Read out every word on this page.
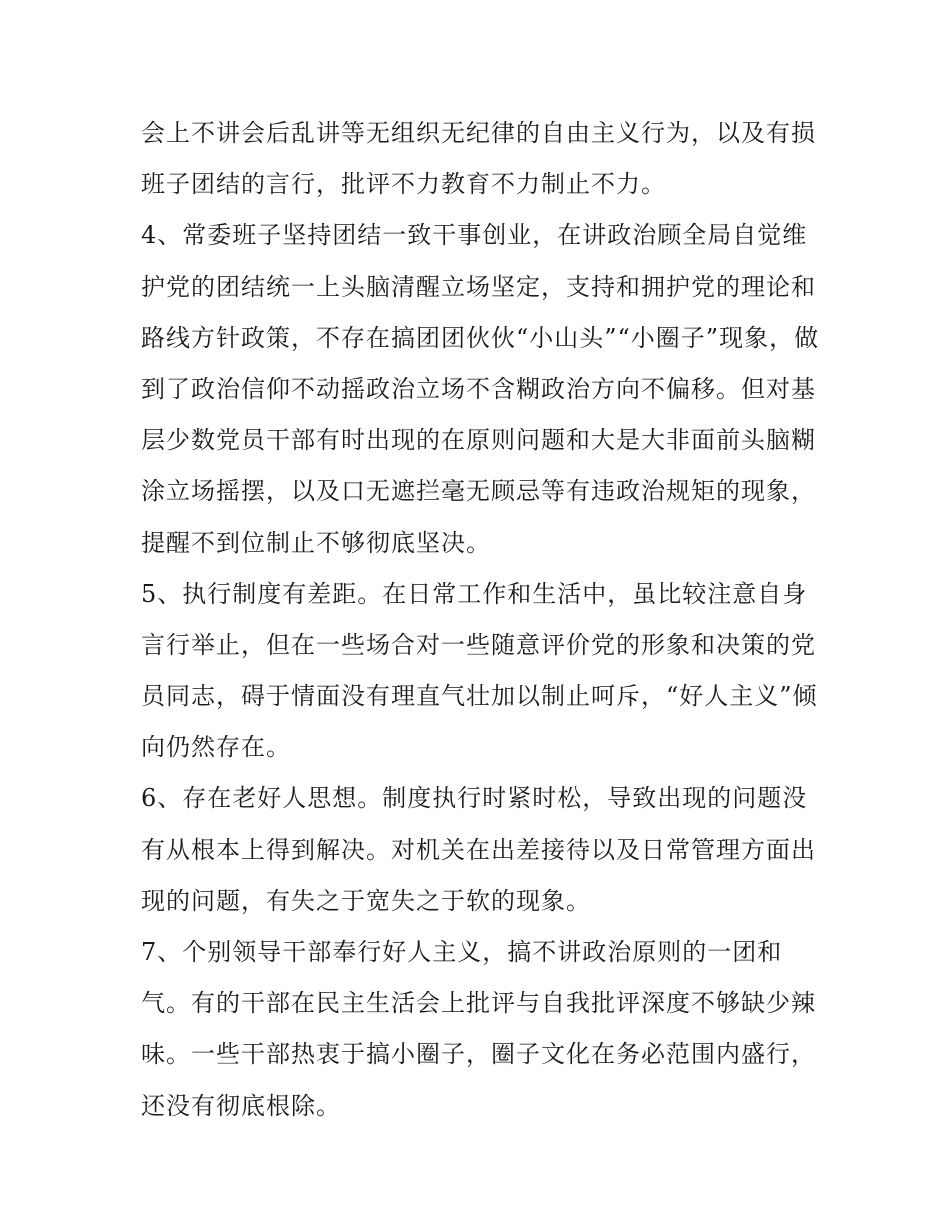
会上不讲会后乱讲等无组织无纪律的自由主义行为，以及有损
班子团结的言行，批评不力教育不力制止不力。
4、常委班子坚持团结一致干事创业，在讲政治顾全局自觉维
护党的团结统一上头脑清醒立场坚定，支持和拥护党的理论和
路线方针政策，不存在搞团团伙伙“小山头”“小圈子”现象，做
到了政治信仰不动摇政治立场不含糊政治方向不偏移。但对基
层少数党员干部有时出现的在原则问题和大是大非面前头脑糊
涂立场摇摆，以及口无遮拦毫无顾忌等有违政治规矩的现象，
提醒不到位制止不够彻底坚决。
5、执行制度有差距。在日常工作和生活中，虽比较注意自身
言行举止，但在一些场合对一些随意评价党的形象和决策的党
员同志，碍于情面没有理直气壮加以制止呵斥，“好人主义”倾
向仍然存在。
6、存在老好人思想。制度执行时紧时松，导致出现的问题没
有从根本上得到解决。对机关在出差接待以及日常管理方面出
现的问题，有失之于宽失之于软的现象。
7、个别领导干部奉行好人主义，搞不讲政治原则的一团和
气。有的干部在民主生活会上批评与自我批评深度不够缺少辣
味。一些干部热衷于搞小圈子，圈子文化在务必范围内盛行，
还没有彻底根除。
